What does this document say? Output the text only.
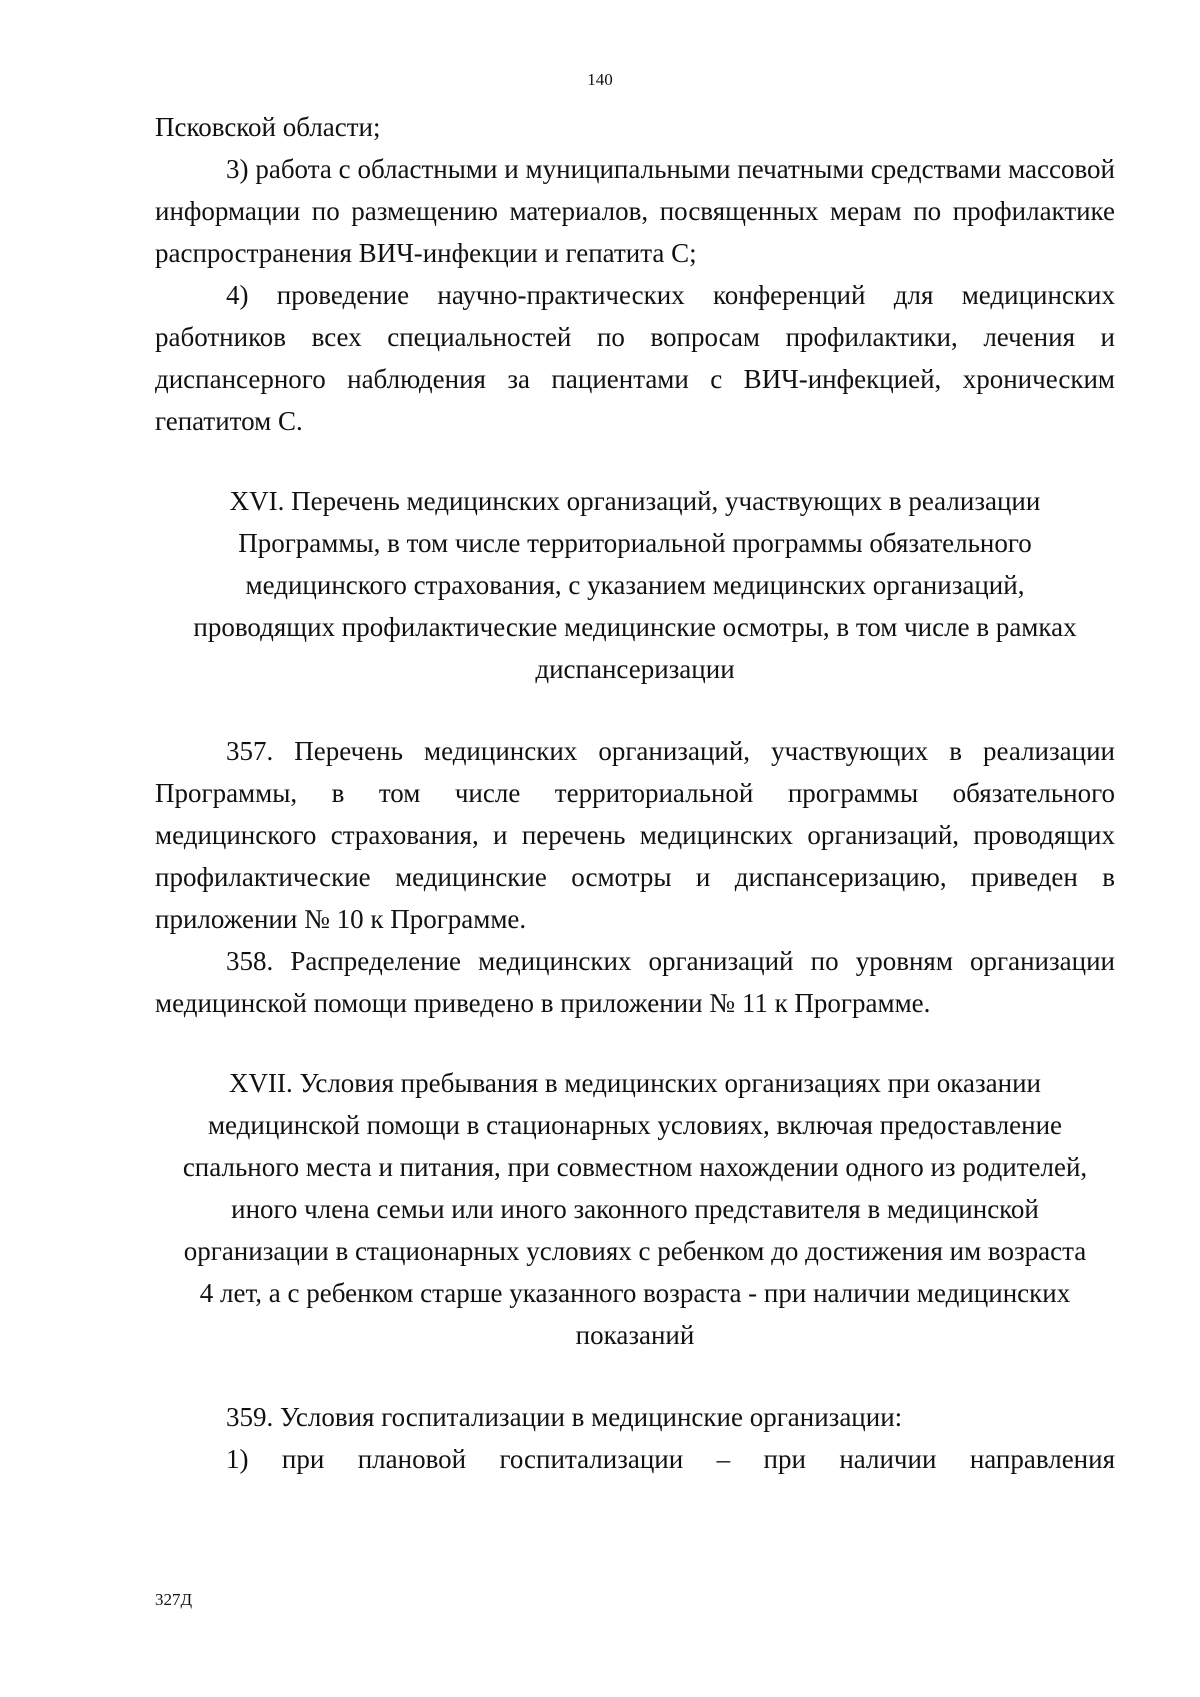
140

Псковской области;

3) работа с областными и муниципальными печатными средствами массовой информации по размещению материалов, посвященных мерам по профилактике распространения ВИЧ-инфекции и гепатита С;

4) проведение научно-практических конференций для медицинских работников всех специальностей по вопросам профилактики, лечения и диспансерного наблюдения за пациентами с ВИЧ-инфекцией, хроническим гепатитом С.

XVI. Перечень медицинских организаций, участвующих в реализации Программы, в том числе территориальной программы обязательного медицинского страхования, с указанием медицинских организаций, проводящих профилактические медицинские осмотры, в том числе в рамках диспансеризации

357. Перечень медицинских организаций, участвующих в реализации Программы, в том числе территориальной программы обязательного медицинского страхования, и перечень медицинских организаций, проводящих профилактические медицинские осмотры и диспансеризацию, приведен в приложении № 10 к Программе.

358. Распределение медицинских организаций по уровням организации медицинской помощи приведено в приложении № 11 к Программе.

XVII. Условия пребывания в медицинских организациях при оказании медицинской помощи в стационарных условиях, включая предоставление спального места и питания, при совместном нахождении одного из родителей, иного члена семьи или иного законного представителя в медицинской организации в стационарных условиях с ребенком до достижения им возраста 4 лет, а с ребенком старше указанного возраста - при наличии медицинских показаний

359. Условия госпитализации в медицинские организации:

1) при плановой госпитализации – при наличии направления

327Д
